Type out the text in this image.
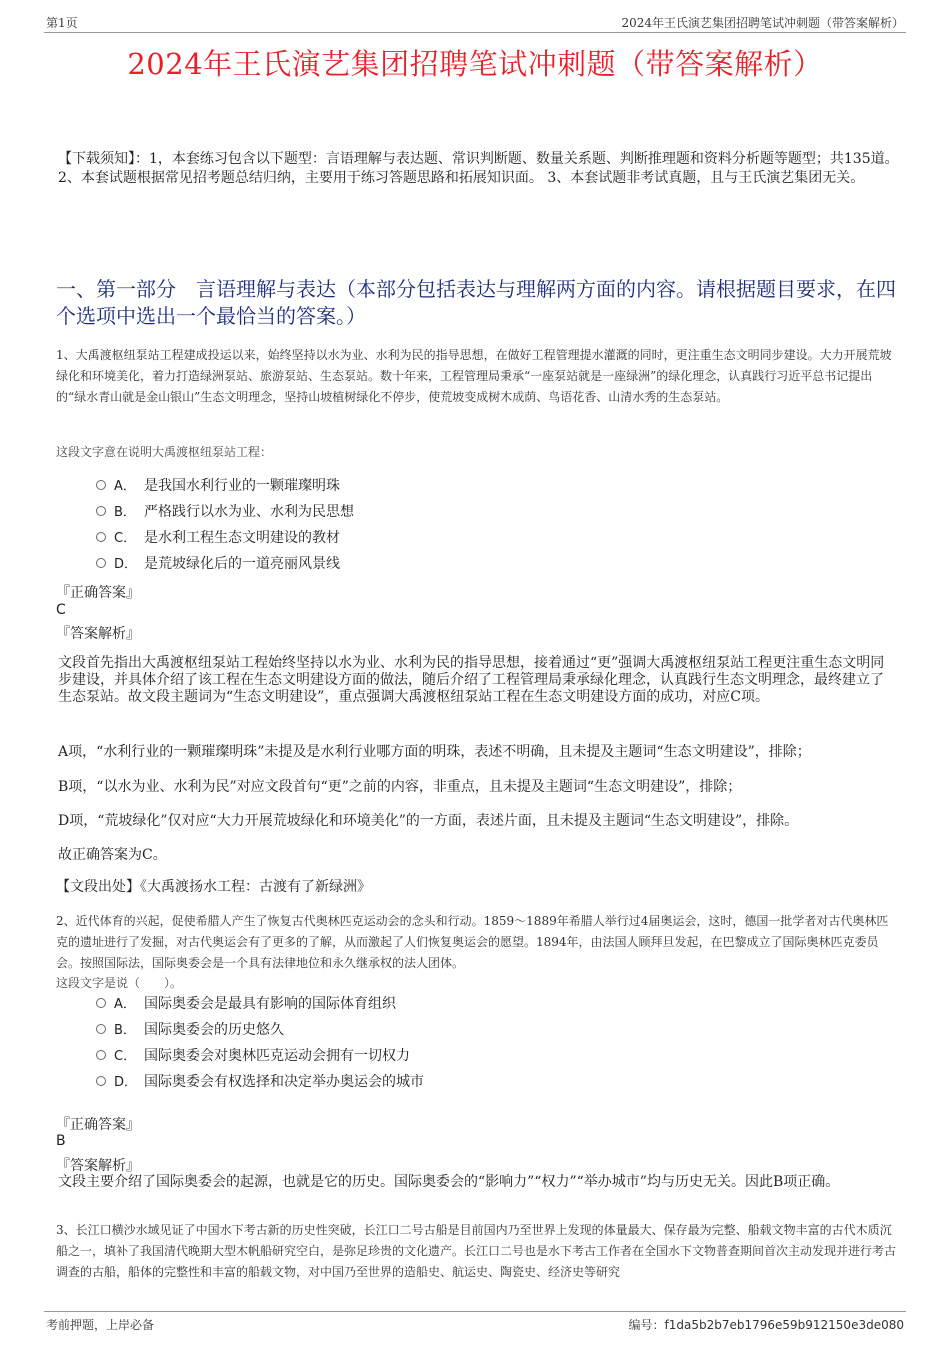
第1页	2024年王氏演艺集团招聘笔试冲刺题（带答案解析）
2024年王氏演艺集团招聘笔试冲刺题（带答案解析）
【下载须知】：1，本套练习包含以下题型：言语理解与表达题、常识判断题、数量关系题、判断推理题和资料分析题等题型；共135道。 2、本套试题根据常见招考题总结归纳，主要用于练习答题思路和拓展知识面。 3、本套试题非考试真题，且与王氏演艺集团无关。
一、第一部分　言语理解与表达（本部分包括表达与理解两方面的内容。请根据题目要求，在四个选项中选出一个最恰当的答案。）
1、大禹渡枢纽泵站工程建成投运以来，始终坚持以水为业、水利为民的指导思想，在做好工程管理提水灌溉的同时，更注重生态文明同步建设。大力开展荒坡绿化和环境美化，着力打造绿洲泵站、旅游泵站、生态泵站。数十年来，工程管理局秉承“一座泵站就是一座绿洲”的绿化理念，认真践行习近平总书记提出的“绿水青山就是金山银山”生态文明理念，坚持山坡植树绿化不停步，使荒坡变成树木成荫、鸟语花香、山清水秀的生态泵站。
这段文字意在说明大禹渡枢纽泵站工程：
A． 是我国水利行业的一颗璀璨明珠
B． 严格践行以水为业、水利为民思想
C． 是水利工程生态文明建设的教材
D． 是荒坡绿化后的一道亮丽风景线
『正确答案』
C
『答案解析』
文段首先指出大禹渡枢纽泵站工程始终坚持以水为业、水利为民的指导思想，接着通过“更”强调大禹渡枢纽泵站工程更注重生态文明同步建设，并具体介绍了该工程在生态文明建设方面的做法，随后介绍了工程管理局秉承绿化理念，认真践行生态文明理念，最终建立了生态泵站。故文段主题词为“生态文明建设”，重点强调大禹渡枢纽泵站工程在生态文明建设方面的成功，对应C项。
A项，“水利行业的一颗璀璨明珠”未提及是水利行业哪方面的明珠，表述不明确，且未提及主题词“生态文明建设”，排除；
B项，“以水为业、水利为民”对应文段首句“更”之前的内容，非重点，且未提及主题词“生态文明建设”，排除；
D项，“荒坡绿化”仅对应“大力开展荒坡绿化和环境美化”的一方面，表述片面，且未提及主题词“生态文明建设”，排除。
故正确答案为C。
【文段出处】《大禹渡扬水工程：古渡有了新绿洲》
2、近代体育的兴起，促使希腊人产生了恢复古代奥林匹克运动会的念头和行动。1859～1889年希腊人举行过4届奥运会，这时，德国一批学者对古代奥林匹克的遗址进行了发掘，对古代奥运会有了更多的了解，从而激起了人们恢复奥运会的愿望。1894年，由法国人顾拜旦发起，在巴黎成立了国际奥林匹克委员会。按照国际法，国际奥委会是一个具有法律地位和永久继承权的法人团体。
这段文字是说（　　）。
A． 国际奥委会是最具有影响的国际体育组织
B． 国际奥委会的历史悠久
C． 国际奥委会对奥林匹克运动会拥有一切权力
D． 国际奥委会有权选择和决定举办奥运会的城市
『正确答案』
B
『答案解析』
文段主要介绍了国际奥委会的起源，也就是它的历史。国际奥委会的“影响力”“权力”“举办城市”均与历史无关。因此B项正确。
3、长江口横沙水域见证了中国水下考古新的历史性突破，长江口二号古船是目前国内乃至世界上发现的体量最大、保存最为完整、船载文物丰富的古代木质沉船之一，填补了我国清代晚期大型木帆船研究空白，是弥足珍贵的文化遗产。长江口二号也是水下考古工作者在全国水下文物普查期间首次主动发现并进行考古调查的古船，船体的完整性和丰富的船载文物，对中国乃至世界的造船史、航运史、陶瓷史、经济史等研究
考前押题，上岸必备	编号：f1da5b2b7eb1796e59b912150e3de080
